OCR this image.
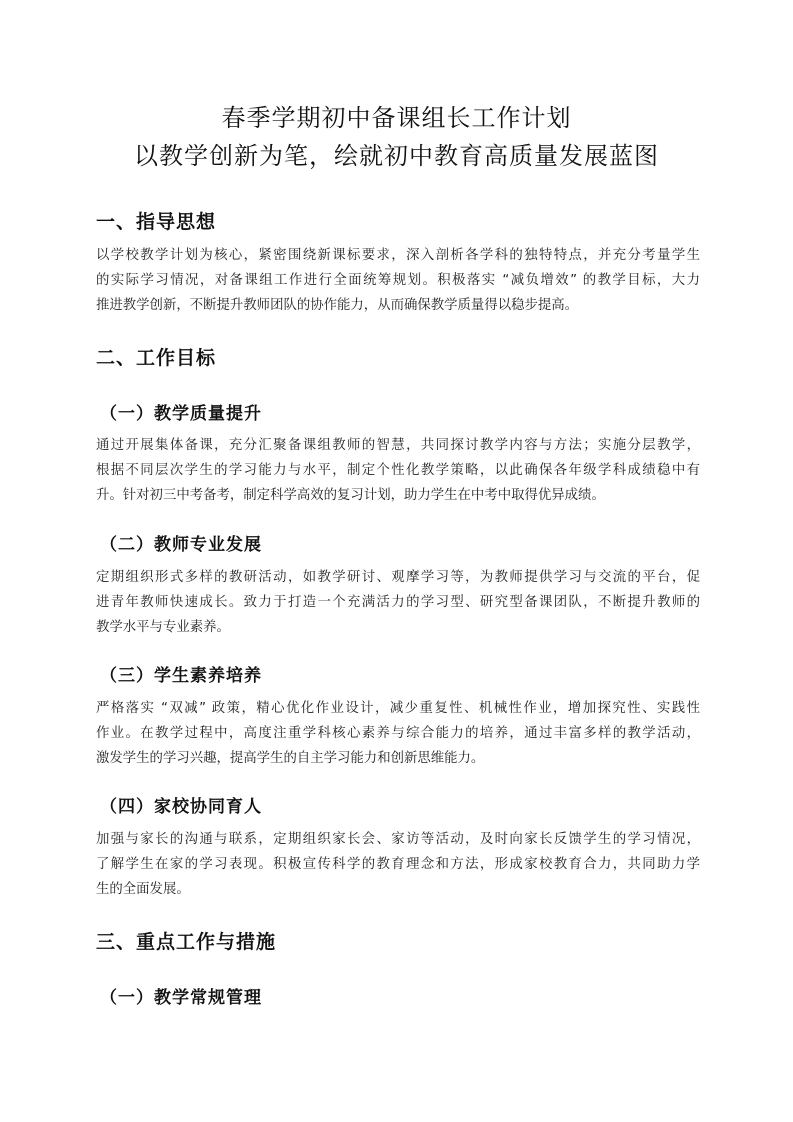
春季学期初中备课组长工作计划
以教学创新为笔，绘就初中教育高质量发展蓝图
一、指导思想
以学校教学计划为核心，紧密围绕新课标要求，深入剖析各学科的独特特点，并充分考量学生
的实际学习情况，对备课组工作进行全面统筹规划。积极落实 “减负增效” 的教学目标，大力
推进教学创新，不断提升教师团队的协作能力，从而确保教学质量得以稳步提高。
二、工作目标
（一）教学质量提升
通过开展集体备课，充分汇聚备课组教师的智慧，共同探讨教学内容与方法；实施分层教学，
根据不同层次学生的学习能力与水平，制定个性化教学策略，以此确保各年级学科成绩稳中有
升。针对初三中考备考，制定科学高效的复习计划，助力学生在中考中取得优异成绩。
（二）教师专业发展
定期组织形式多样的教研活动，如教学研讨、观摩学习等，为教师提供学习与交流的平台，促
进青年教师快速成长。致力于打造一个充满活力的学习型、研究型备课团队，不断提升教师的
教学水平与专业素养。
（三）学生素养培养
严格落实 “双减” 政策，精心优化作业设计，减少重复性、机械性作业，增加探究性、实践性
作业。在教学过程中，高度注重学科核心素养与综合能力的培养，通过丰富多样的教学活动，
激发学生的学习兴趣，提高学生的自主学习能力和创新思维能力。
（四）家校协同育人
加强与家长的沟通与联系，定期组织家长会、家访等活动，及时向家长反馈学生的学习情况，
了解学生在家的学习表现。积极宣传科学的教育理念和方法，形成家校教育合力，共同助力学
生的全面发展。
三、重点工作与措施
（一）教学常规管理
